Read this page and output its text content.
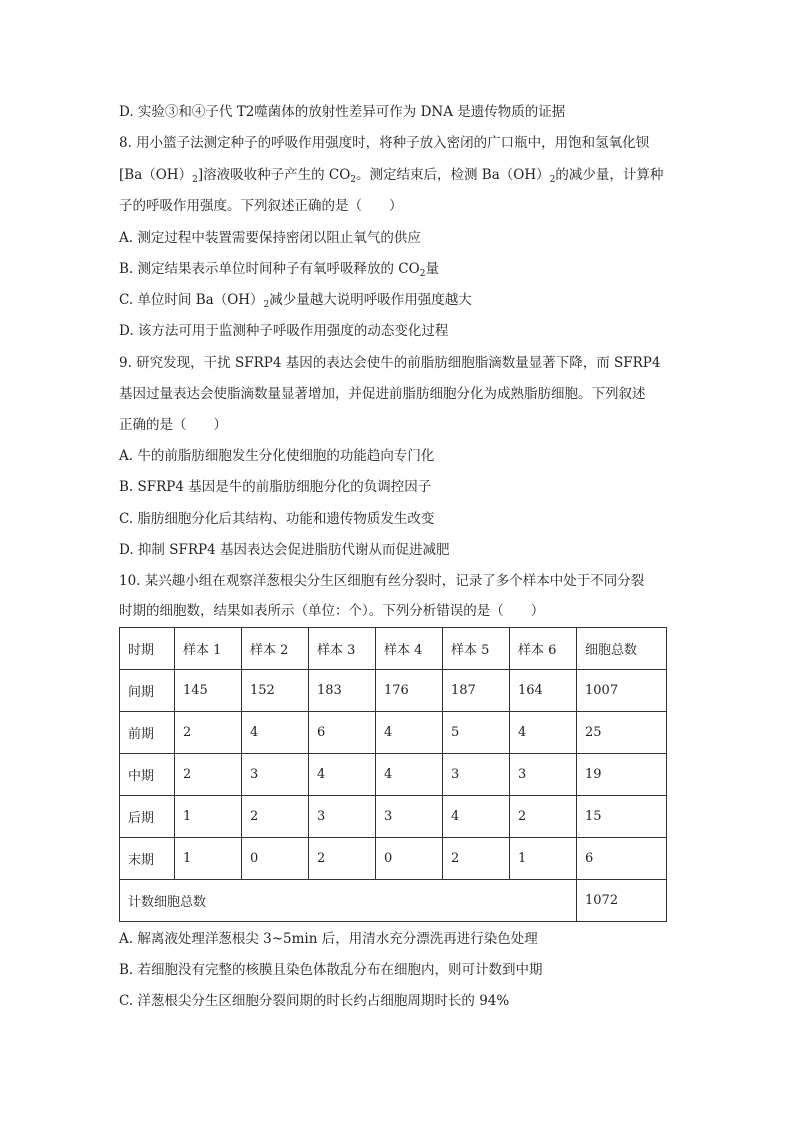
D. 实验③和④子代 T2噬菌体的放射性差异可作为 DNA 是遗传物质的证据
8. 用小篮子法测定种子的呼吸作用强度时，将种子放入密闭的广口瓶中，用饱和氢氧化钡
$[Ba(OH)_2]$溶液吸收种子产生的 $CO_2$。测定结束后，检测 $Ba(OH)_2$的减少量，计算种
子的呼吸作用强度。下列叙述正确的是（　　）
A. 测定过程中装置需要保持密闭以阻止氧气的供应
B. 测定结果表示单位时间种子有氧呼吸释放的 $CO_2$量
C. 单位时间 $Ba(OH)_2$减少量越大说明呼吸作用强度越大
D. 该方法可用于监测种子呼吸作用强度的动态变化过程
9. 研究发现，干扰 SFRP4 基因的表达会使牛的前脂肪细胞脂滴数量显著下降，而 SFRP4
基因过量表达会使脂滴数量显著增加，并促进前脂肪细胞分化为成熟脂肪细胞。下列叙述
正确的是（　　）
A. 牛的前脂肪细胞发生分化使细胞的功能趋向专门化
B. SFRP4 基因是牛的前脂肪细胞分化的负调控因子
C. 脂肪细胞分化后其结构、功能和遗传物质发生改变
D. 抑制 SFRP4 基因表达会促进脂肪代谢从而促进减肥
10. 某兴趣小组在观察洋葱根尖分生区细胞有丝分裂时，记录了多个样本中处于不同分裂
时期的细胞数，结果如表所示（单位：个）。下列分析错误的是（　　）
时期	样本 1	样本 2	样本 3	样本 4	样本 5	样本 6	细胞总数
间期	145	152	183	176	187	164	1007
前期	2	4	6	4	5	4	25
中期	2	3	4	4	3	3	19
后期	1	2	3	3	4	2	15
末期	1	0	2	0	2	1	6
计数细胞总数							1072
A. 解离液处理洋葱根尖 3~5min 后，用清水充分漂洗再进行染色处理
B. 若细胞没有完整的核膜且染色体散乱分布在细胞内，则可计数到中期
C. 洋葱根尖分生区细胞分裂间期的时长约占细胞周期时长的 94%
